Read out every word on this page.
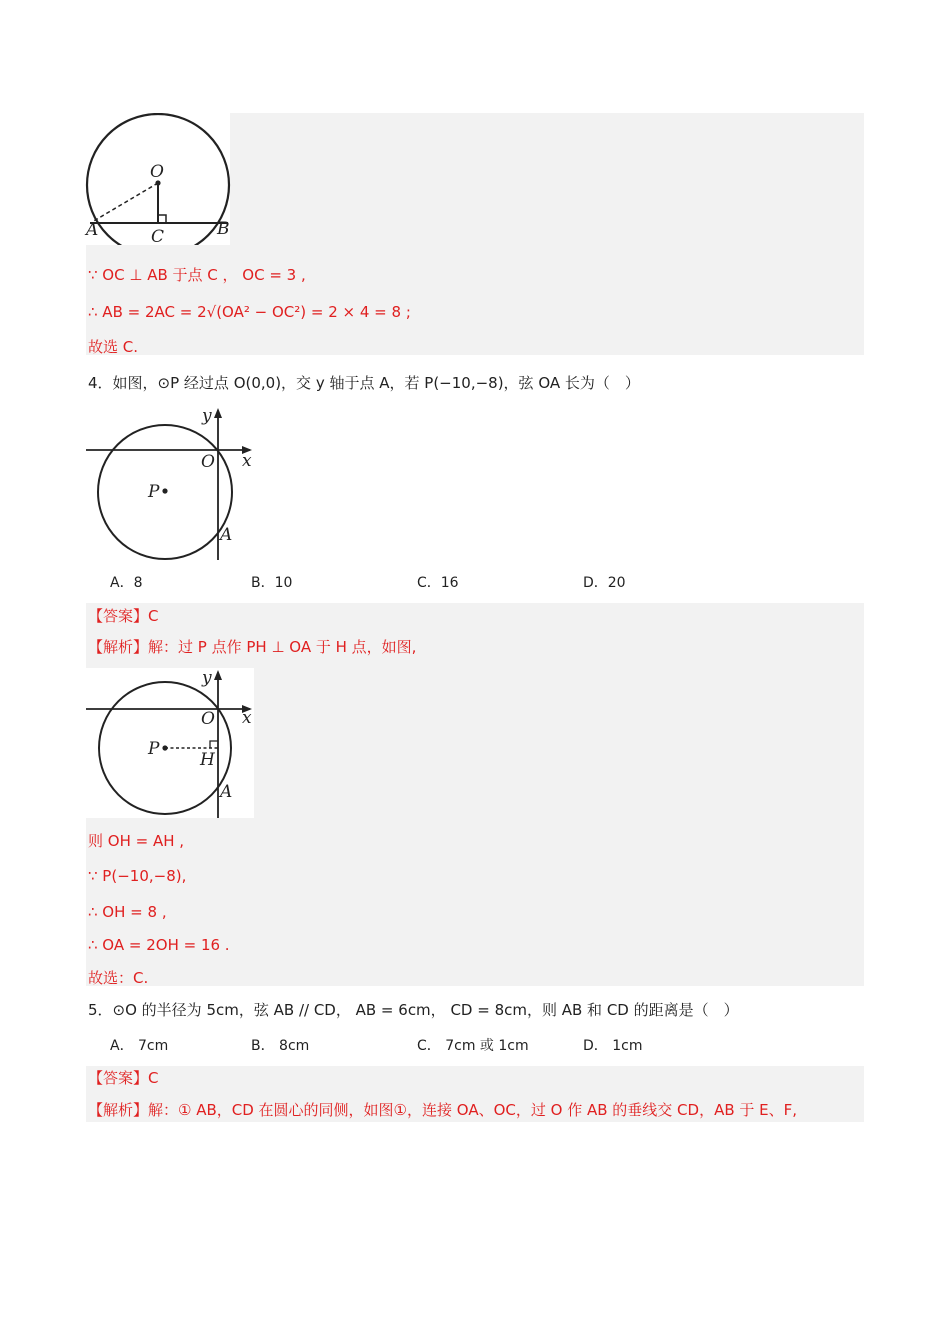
O
A	B
C
∵ OC ⊥ AB 于点 C ， OC = 3 ,
∴ AB = 2AC = 2√(OA² − OC²) = 2 × 4 = 8 ;
故选 C.
4．如图，⊙P 经过点 O(0,0)，交 y 轴于点 A，若 P(−10,−8)，弦 OA 长为（　）
y
O x
P
A
A．8	B．10	C．16	D．20
【答案】C
【解析】解：过 P 点作 PH ⊥ OA 于 H 点，如图,
y
O x
P
H
A
则 OH = AH ,
∵ P(−10,−8),
∴ OH = 8 ,
∴ OA = 2OH = 16 .
故选：C.
5．⊙O 的半径为 5cm，弦 AB // CD， AB = 6cm， CD = 8cm，则 AB 和 CD 的距离是（　）
A． 7cm	B． 8cm	C． 7cm 或 1cm	D． 1cm
【答案】C
【解析】解：① AB，CD 在圆心的同侧，如图①，连接 OA、OC，过 O 作 AB 的垂线交 CD，AB 于 E、F,
